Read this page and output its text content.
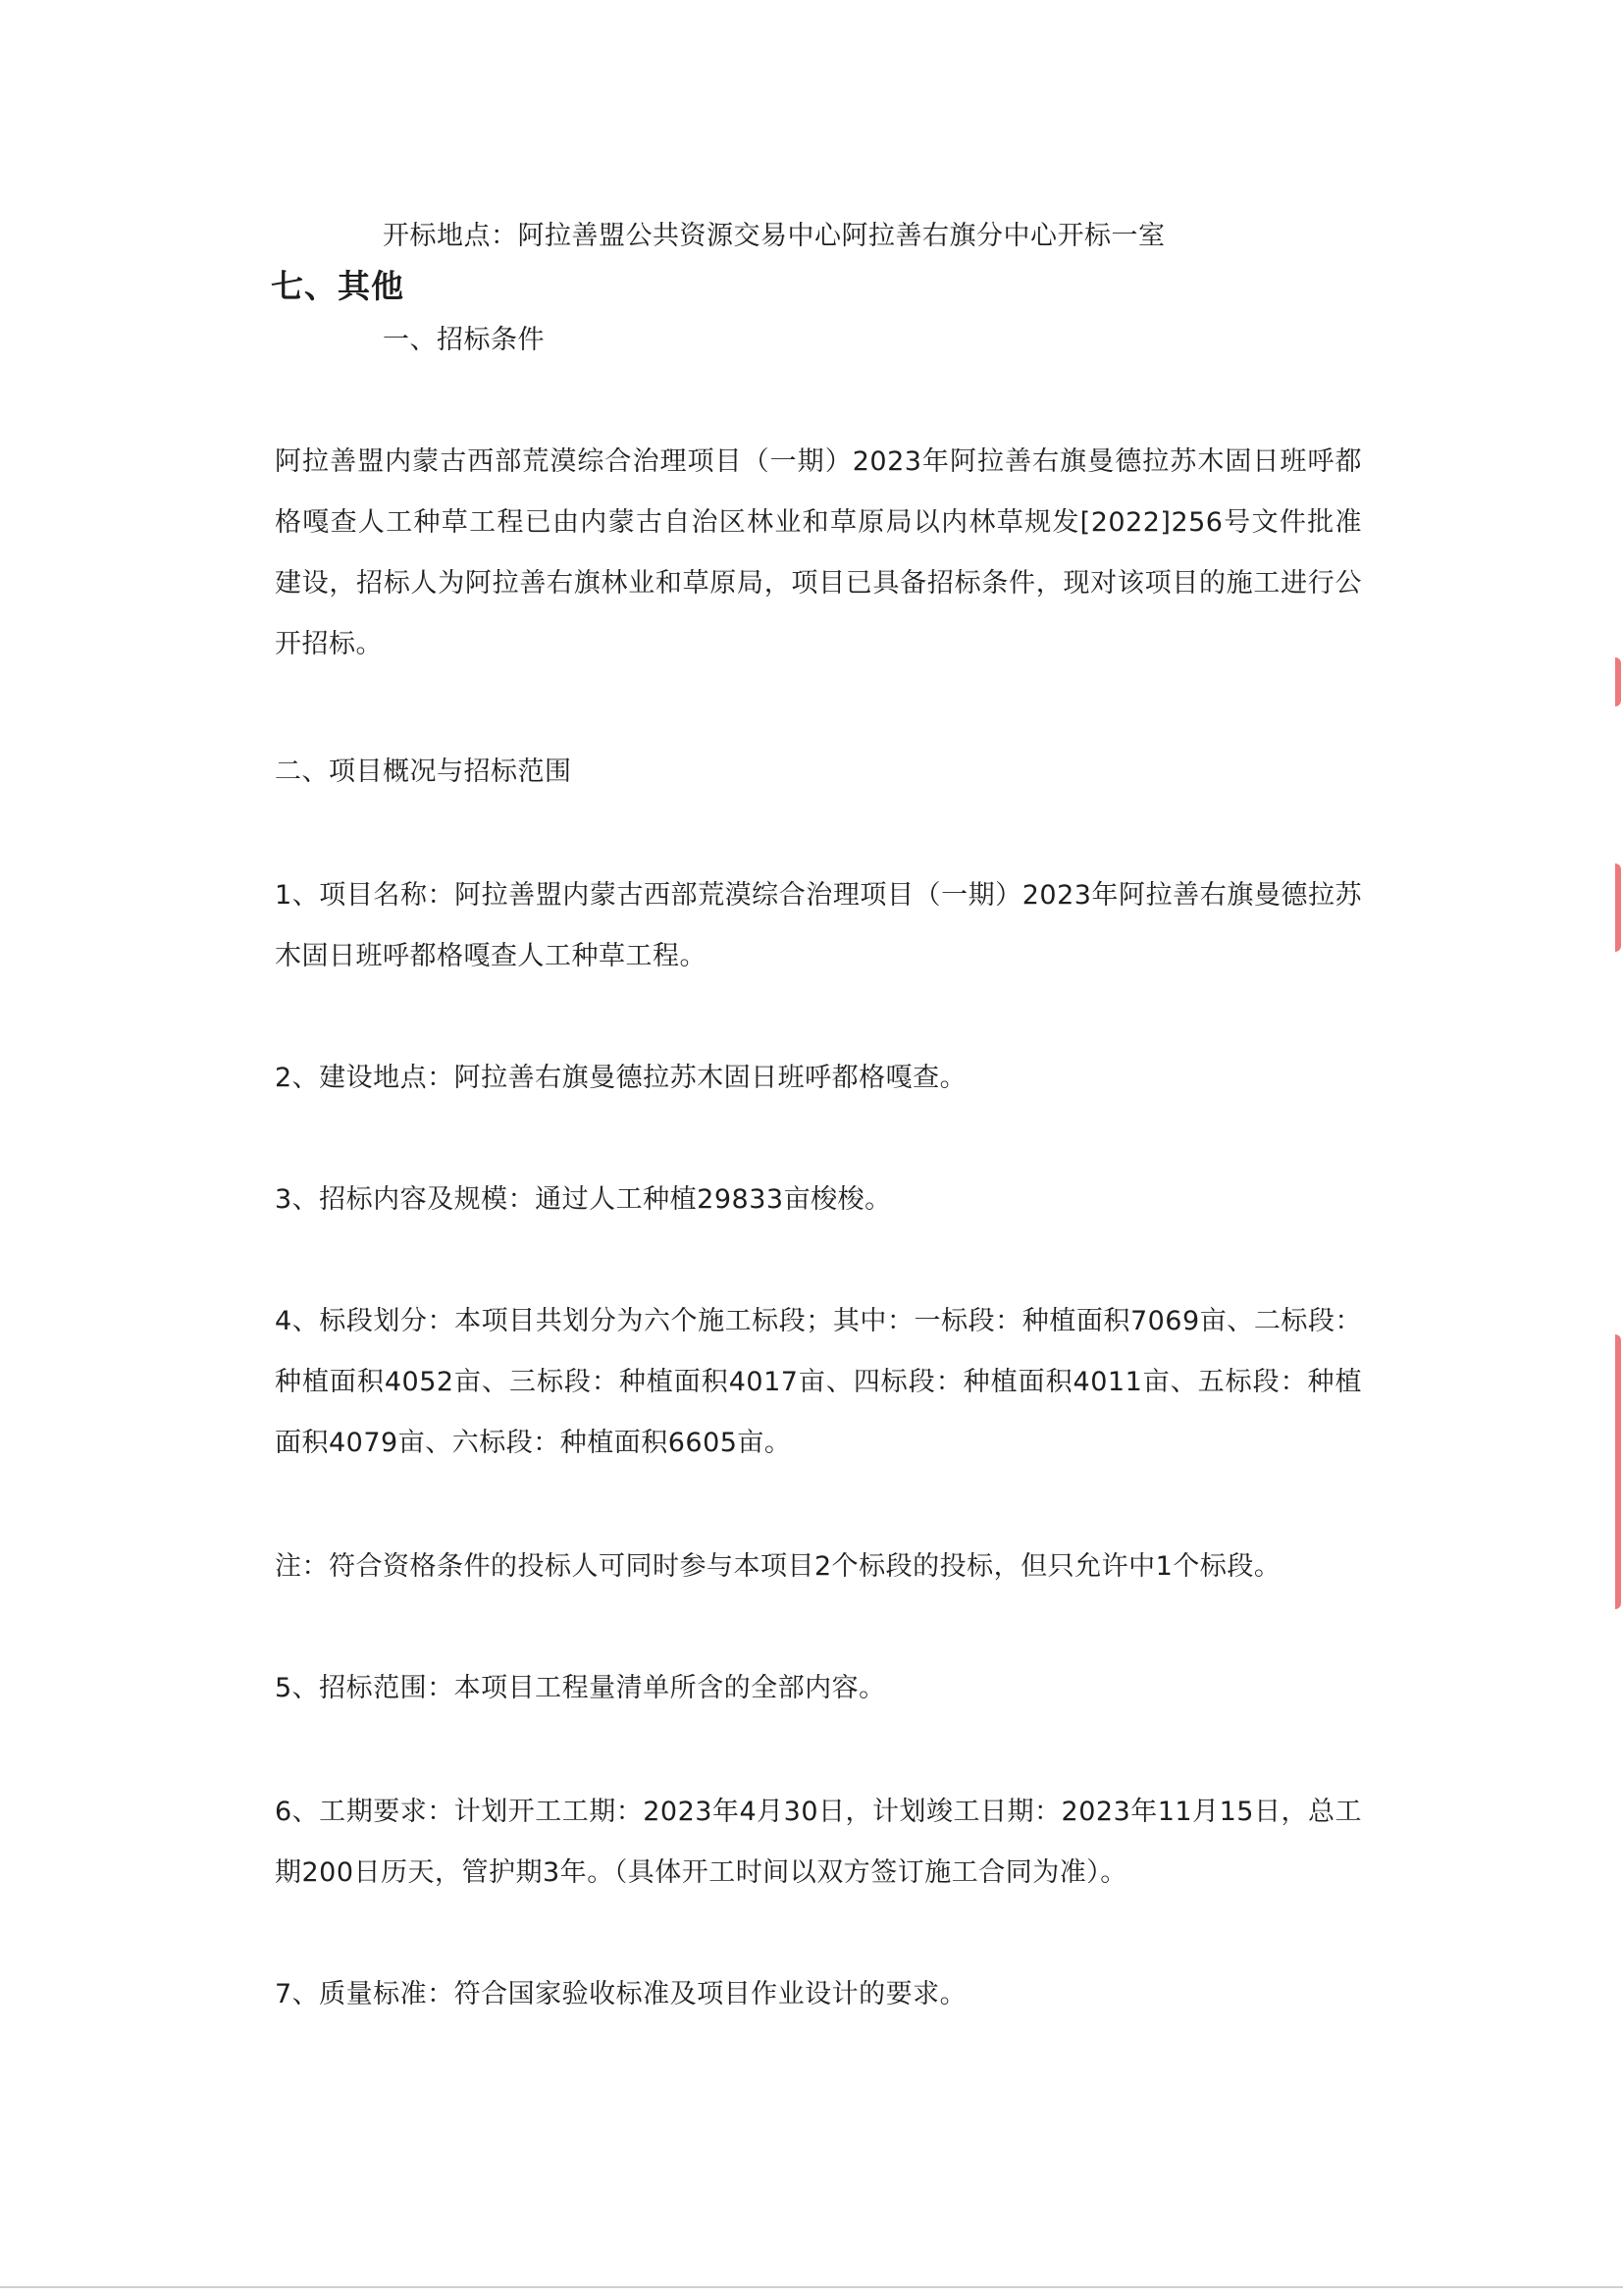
开标地点：阿拉善盟公共资源交易中心阿拉善右旗分中心开标一室

七、其他

一、招标条件

阿拉善盟内蒙古西部荒漠综合治理项目（一期）2023年阿拉善右旗曼德拉苏木固日班呼都格嘎查人工种草工程已由内蒙古自治区林业和草原局以内林草规发[2022]256号文件批准建设，招标人为阿拉善右旗林业和草原局，项目已具备招标条件，现对该项目的施工进行公开招标。

二、项目概况与招标范围

1、项目名称：阿拉善盟内蒙古西部荒漠综合治理项目（一期）2023年阿拉善右旗曼德拉苏木固日班呼都格嘎查人工种草工程。

2、建设地点：阿拉善右旗曼德拉苏木固日班呼都格嘎查。

3、招标内容及规模：通过人工种植29833亩梭梭。

4、标段划分：本项目共划分为六个施工标段；其中：一标段：种植面积7069亩、二标段：种植面积4052亩、三标段：种植面积4017亩、四标段：种植面积4011亩、五标段：种植面积4079亩、六标段：种植面积6605亩。

注：符合资格条件的投标人可同时参与本项目2个标段的投标，但只允许中1个标段。

5、招标范围：本项目工程量清单所含的全部内容。

6、工期要求：计划开工工期：2023年4月30日，计划竣工日期：2023年11月15日，总工期200日历天，管护期3年。（具体开工时间以双方签订施工合同为准）。

7、质量标准：符合国家验收标准及项目作业设计的要求。
